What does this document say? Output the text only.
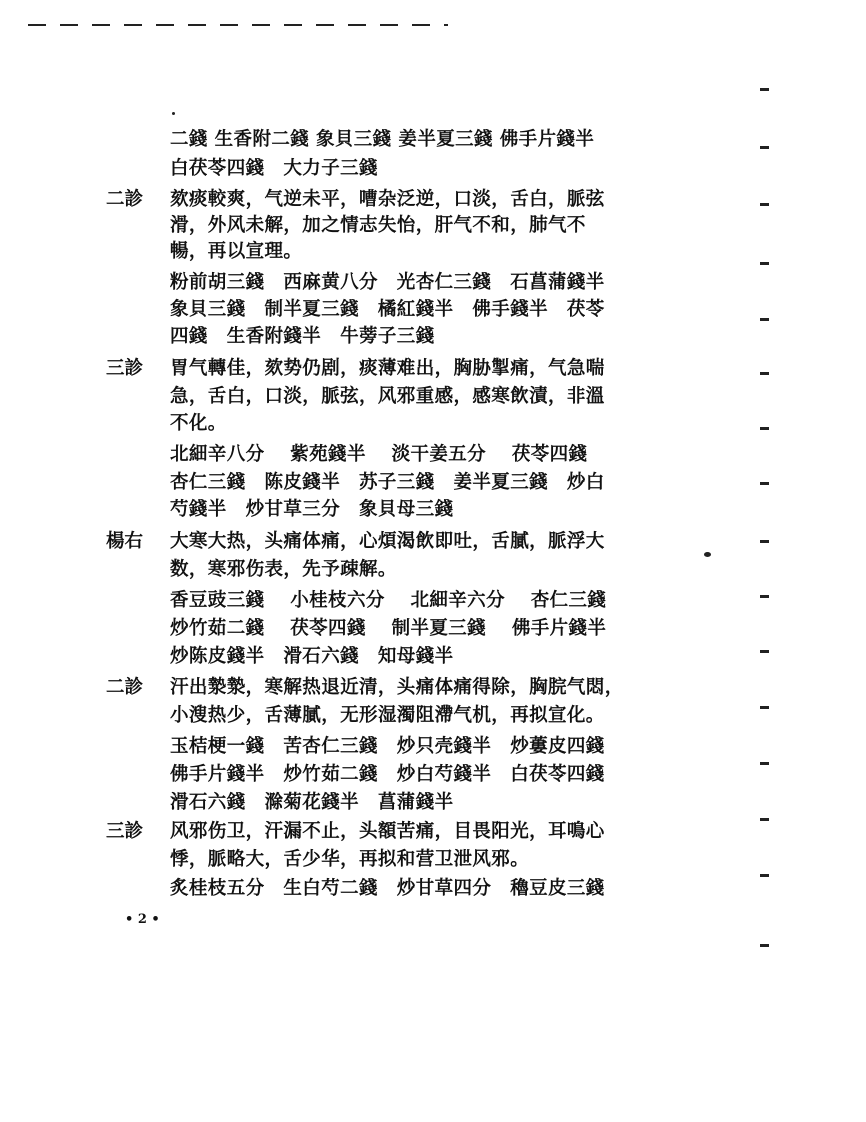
二錢 生香附二錢 象貝三錢 姜半夏三錢 佛手片錢半
白茯苓四錢　大力子三錢
二診 欬痰較爽，气逆未平，嘈杂泛逆，口淡，舌白，脈弦
滑，外风未解，加之情志失怡，肝气不和，肺气不
暢，再以宣理。
粉前胡三錢　西麻黄八分　光杏仁三錢　石菖蒲錢半
象貝三錢　制半夏三錢　橘紅錢半　佛手錢半　茯苓
四錢　生香附錢半　牛蒡子三錢
三診 胃气轉佳，欬势仍剧，痰薄难出，胸胁掣痛，气急喘
急，舌白，口淡，脈弦，风邪重感，感寒飲漬，非溫
不化。
北細辛八分　 紫苑錢半　 淡干姜五分　 茯苓四錢
杏仁三錢　陈皮錢半　苏子三錢　姜半夏三錢　炒白
芍錢半　炒甘草三分　象貝母三錢
楊右 大寒大热，头痛体痛，心煩渴飲即吐，舌膩，脈浮大
数，寒邪伤表，先予疎解。
香豆豉三錢　 小桂枝六分　 北細辛六分　 杏仁三錢
炒竹茹二錢　 茯苓四錢　 制半夏三錢　 佛手片錢半
炒陈皮錢半　滑石六錢　知母錢半
二診 汗出漐漐，寒解热退近清，头痛体痛得除，胸脘气悶，
小溲热少，舌薄膩，无形湿濁阻滯气机，再拟宣化。
玉桔梗一錢　苦杏仁三錢　炒只壳錢半　炒蔞皮四錢
佛手片錢半　炒竹茹二錢　炒白芍錢半　白茯苓四錢
滑石六錢　滁菊花錢半　菖蒲錢半
三診 风邪伤卫，汗漏不止，头額苦痛，目畏阳光，耳鳴心
悸，脈略大，舌少华，再拟和营卫泄风邪。
炙桂枝五分　生白芍二錢　炒甘草四分　穭豆皮三錢
• 2 •
